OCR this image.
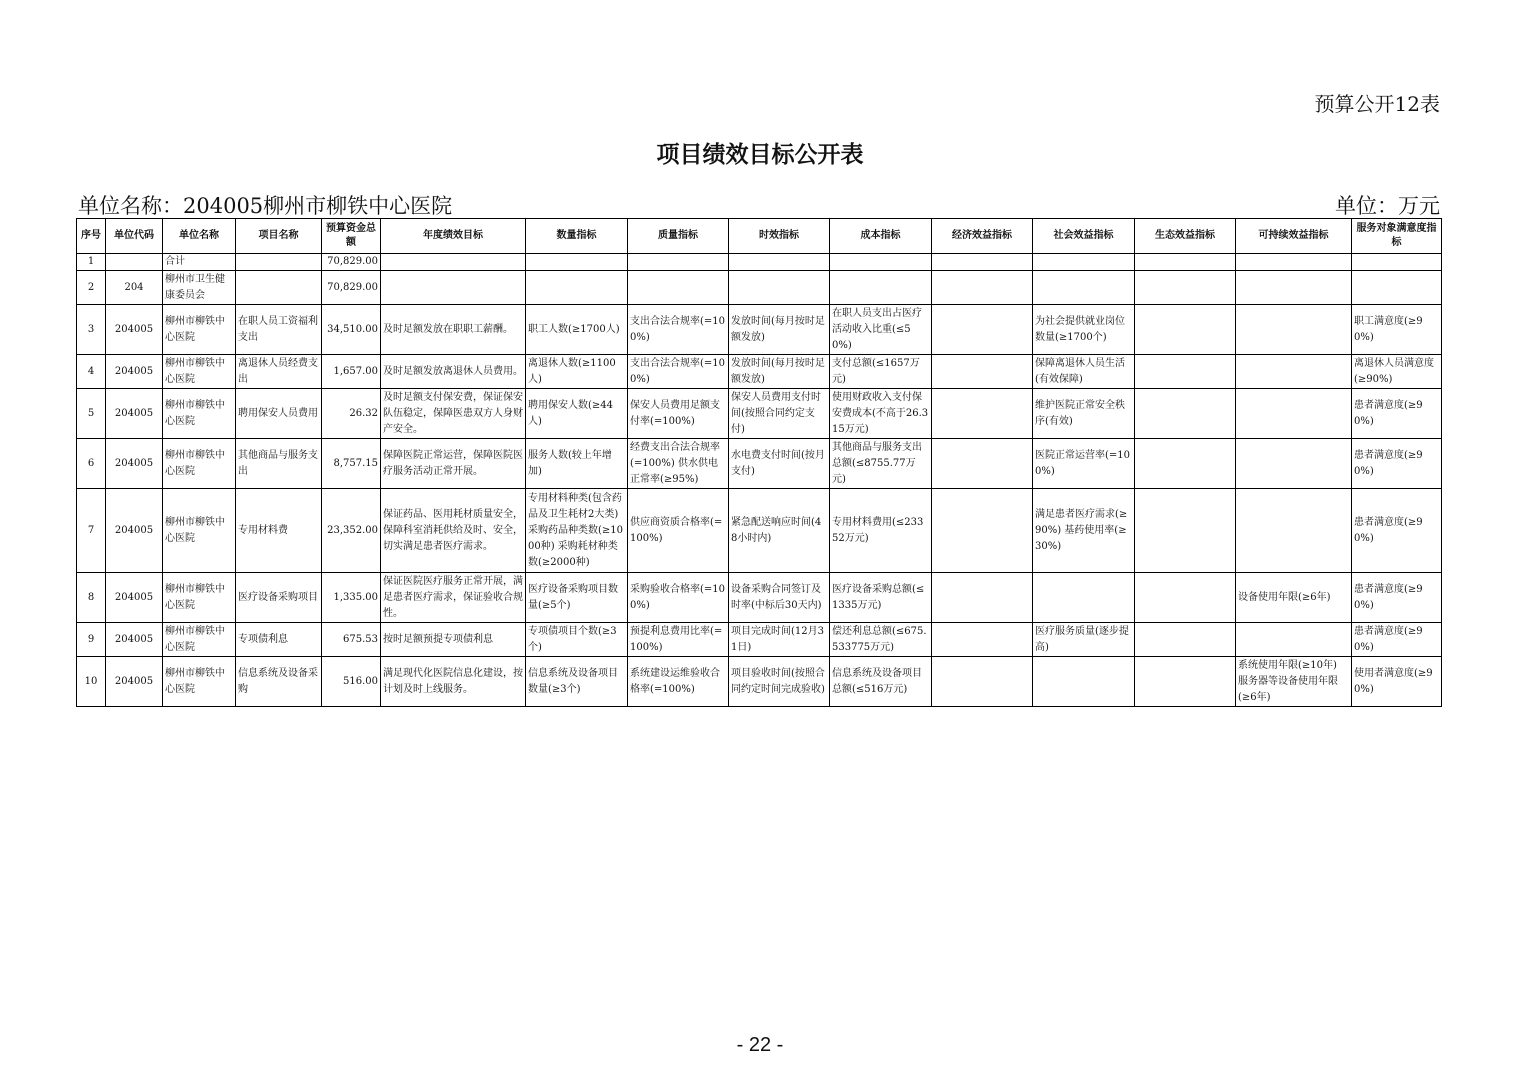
预算公开12表
项目绩效目标公开表
单位名称：204005柳州市柳铁中心医院	单位：万元
序号	单位代码	单位名称	项目名称	预算资金总额	年度绩效目标	数量指标	质量指标	时效指标	成本指标	经济效益指标	社会效益指标	生态效益指标	可持续效益指标	服务对象满意度指标
1		合计		70,829.00										
2	204	柳州市卫生健康委员会		70,829.00										
3	204005	柳州市柳铁中心医院	在职人员工资福利支出	34,510.00	及时足额发放在职职工薪酬。	职工人数(≥1700人)	支出合法合规率(=100%)	发放时间(每月按时足额发放)	在职人员支出占医疗活动收入比重(≤50%)		为社会提供就业岗位数量(≥1700个)			职工满意度(≥90%)
4	204005	柳州市柳铁中心医院	离退休人员经费支出	1,657.00	及时足额发放离退休人员费用。	离退休人数(≥1100人)	支出合法合规率(=100%)	发放时间(每月按时足额发放)	支付总额(≤1657万元)		保障离退休人员生活(有效保障)			离退休人员满意度(≥90%)
5	204005	柳州市柳铁中心医院	聘用保安人员费用	26.32	及时足额支付保安费，保证保安队伍稳定，保障医患双方人身财产安全。	聘用保安人数(≥44人)	保安人员费用足额支付率(=100%)	保安人员费用支付时间(按照合同约定支付)	使用财政收入支付保安费成本(不高于26.315万元)		维护医院正常安全秩序(有效)			患者满意度(≥90%)
6	204005	柳州市柳铁中心医院	其他商品与服务支出	8,757.15	保障医院正常运营，保障医院医疗服务活动正常开展。	服务人数(较上年增加)	经费支出合法合规率(=100%) 供水供电正常率(≥95%)	水电费支付时间(按月支付)	其他商品与服务支出总额(≤8755.77万元)		医院正常运营率(=100%)			患者满意度(≥90%)
7	204005	柳州市柳铁中心医院	专用材料费	23,352.00	保证药品、医用耗材质量安全，保障科室消耗供给及时、安全，切实满足患者医疗需求。	专用材料种类(包含药品及卫生耗材2大类) 采购药品种类数(≥1000种) 采购耗材种类数(≥2000种)	供应商资质合格率(=100%)	紧急配送响应时间(48小时内)	专用材料费用(≤23352万元)		满足患者医疗需求(≥90%) 基药使用率(≥30%)			患者满意度(≥90%)
8	204005	柳州市柳铁中心医院	医疗设备采购项目	1,335.00	保证医院医疗服务正常开展，满足患者医疗需求，保证验收合规性。	医疗设备采购项目数量(≥5个)	采购验收合格率(=100%)	设备采购合同签订及时率(中标后30天内)	医疗设备采购总额(≤1335万元)				设备使用年限(≥6年)	患者满意度(≥90%)
9	204005	柳州市柳铁中心医院	专项债利息	675.53	按时足额预提专项债利息	专项债项目个数(≥3个)	预提利息费用比率(=100%)	项目完成时间(12月31日)	偿还利息总额(≤675.533775万元)		医疗服务质量(逐步提高)			患者满意度(≥90%)
10	204005	柳州市柳铁中心医院	信息系统及设备采购	516.00	满足现代化医院信息化建设，按计划及时上线服务。	信息系统及设备项目数量(≥3个)	系统建设运维验收合格率(=100%)	项目验收时间(按照合同约定时间完成验收)	信息系统及设备项目总额(≤516万元)				系统使用年限(≥10年) 服务器等设备使用年限(≥6年)	使用者满意度(≥90%)
- 22 -
